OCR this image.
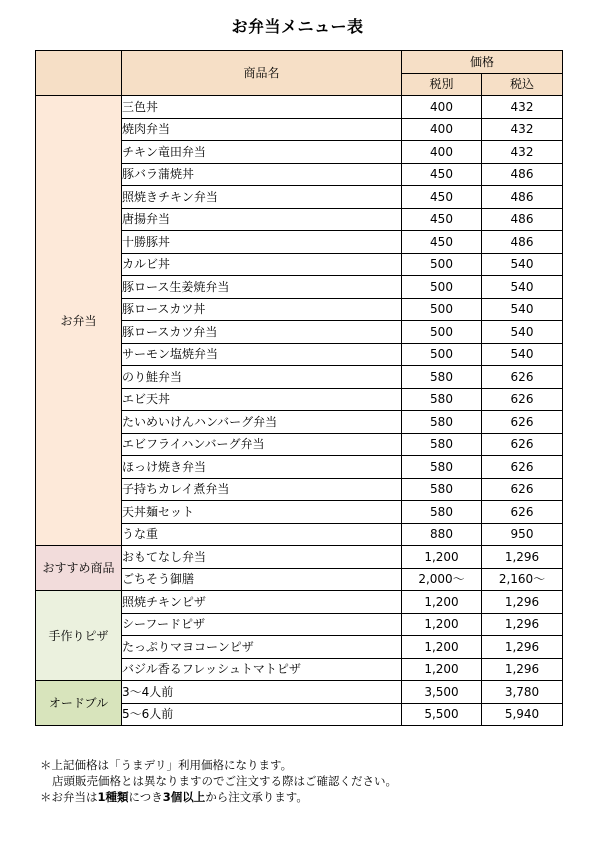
お弁当メニュー表
	商品名	価格	
		税別	税込
お弁当	三色丼	400	432
	焼肉弁当	400	432
	チキン竜田弁当	400	432
	豚バラ蒲焼丼	450	486
	照焼きチキン弁当	450	486
	唐揚弁当	450	486
	十勝豚丼	450	486
	カルビ丼	500	540
	豚ロース生姜焼弁当	500	540
	豚ロースカツ丼	500	540
	豚ロースカツ弁当	500	540
	サーモン塩焼弁当	500	540
	のり鮭弁当	580	626
	エビ天丼	580	626
	たいめいけんハンバーグ弁当	580	626
	エビフライハンバーグ弁当	580	626
	ほっけ焼き弁当	580	626
	子持ちカレイ煮弁当	580	626
	天丼麺セット	580	626
	うな重	880	950
おすすめ商品	おもてなし弁当	1,200	1,296
	ごちそう御膳	2,000〜	2,160〜
手作りピザ	照焼チキンピザ	1,200	1,296
	シーフードピザ	1,200	1,296
	たっぷりマヨコーンピザ	1,200	1,296
	バジル香るフレッシュトマトピザ	1,200	1,296
オードブル	3〜4人前	3,500	3,780
	5〜6人前	5,500	5,940
＊上記価格は「うまデリ」利用価格になります。
店頭販売価格とは異なりますのでご注文する際はご確認ください。
＊お弁当は1種類につき3個以上から注文承ります。
